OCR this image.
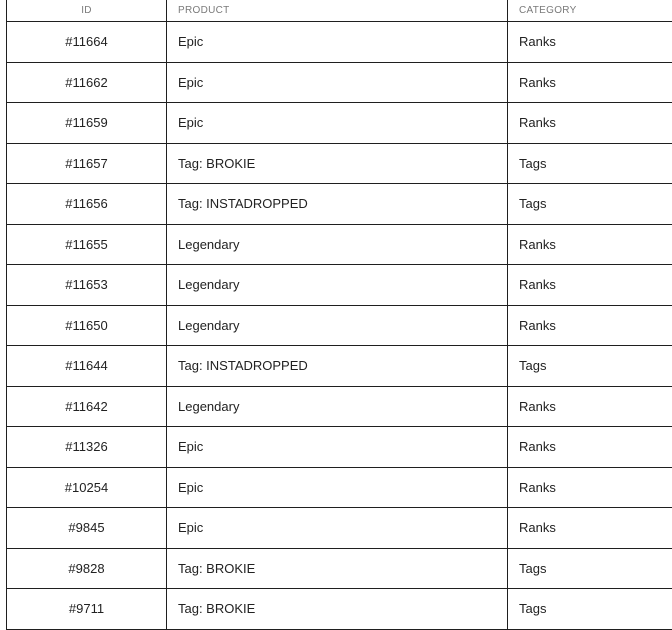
ID	PRODUCT	CATEGORY
#11664	Epic	Ranks
#11662	Epic	Ranks
#11659	Epic	Ranks
#11657	Tag: BROKIE	Tags
#11656	Tag: INSTADROPPED	Tags
#11655	Legendary	Ranks
#11653	Legendary	Ranks
#11650	Legendary	Ranks
#11644	Tag: INSTADROPPED	Tags
#11642	Legendary	Ranks
#11326	Epic	Ranks
#10254	Epic	Ranks
#9845	Epic	Ranks
#9828	Tag: BROKIE	Tags
#9711	Tag: BROKIE	Tags
